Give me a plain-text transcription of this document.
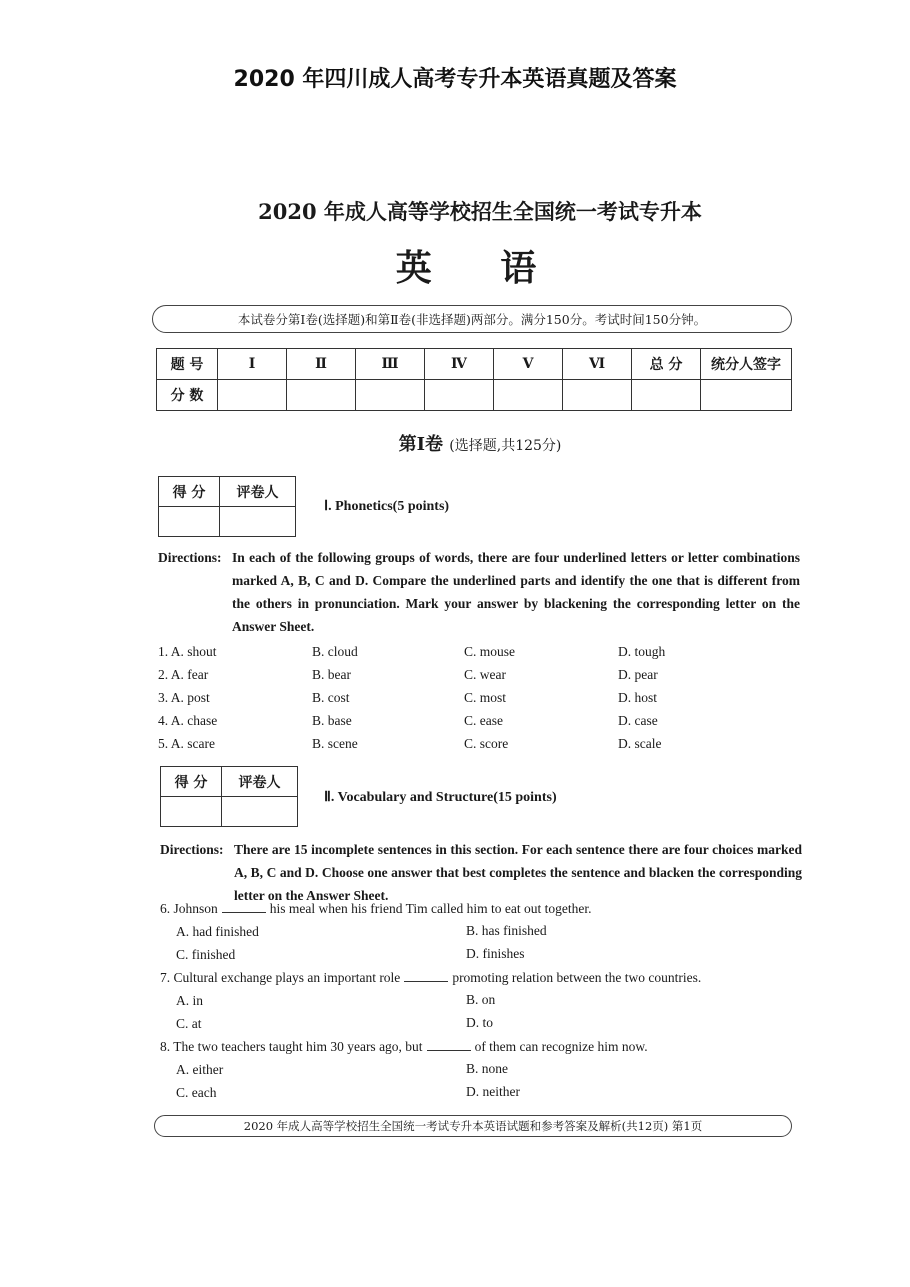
2020 年四川成人高考专升本英语真题及答案
2020 年成人高等学校招生全国统一考试专升本
英 语
本试卷分第Ⅰ卷(选择题)和第Ⅱ卷(非选择题)两部分。满分150分。考试时间150分钟。
题 号	Ⅰ	Ⅱ	Ⅲ	Ⅳ	Ⅴ	Ⅵ	总 分	统分人签字
分 数								
第Ⅰ卷 (选择题,共125分)
得 分	评卷人

Ⅰ. Phonetics(5 points)
Directions: In each of the following groups of words, there are four underlined letters or letter combinations marked A, B, C and D. Compare the underlined parts and identify the one that is different from the others in pronunciation. Mark your answer by blackening the corresponding letter on the Answer Sheet.
1. A. shout	B. cloud	C. mouse	D. tough
2. A. fear	B. bear	C. wear	D. pear
3. A. post	B. cost	C. most	D. host
4. A. chase	B. base	C. ease	D. case
5. A. scare	B. scene	C. score	D. scale
得 分	评卷人

Ⅱ. Vocabulary and Structure(15 points)
Directions: There are 15 incomplete sentences in this section. For each sentence there are four choices marked A, B, C and D. Choose one answer that best completes the sentence and blacken the corresponding letter on the Answer Sheet.
6. Johnson	his meal when his friend Tim called him to eat out together.
A. had finished	B. has finished
C. finished	D. finishes
7. Cultural exchange plays an important role	promoting relation between the two countries.
A. in	B. on
C. at	D. to
8. The two teachers taught him 30 years ago, but	of them can recognize him now.
A. either	B. none
C. each	D. neither
2020 年成人高等学校招生全国统一考试专升本英语试题和参考答案及解析(共12页) 第1页
